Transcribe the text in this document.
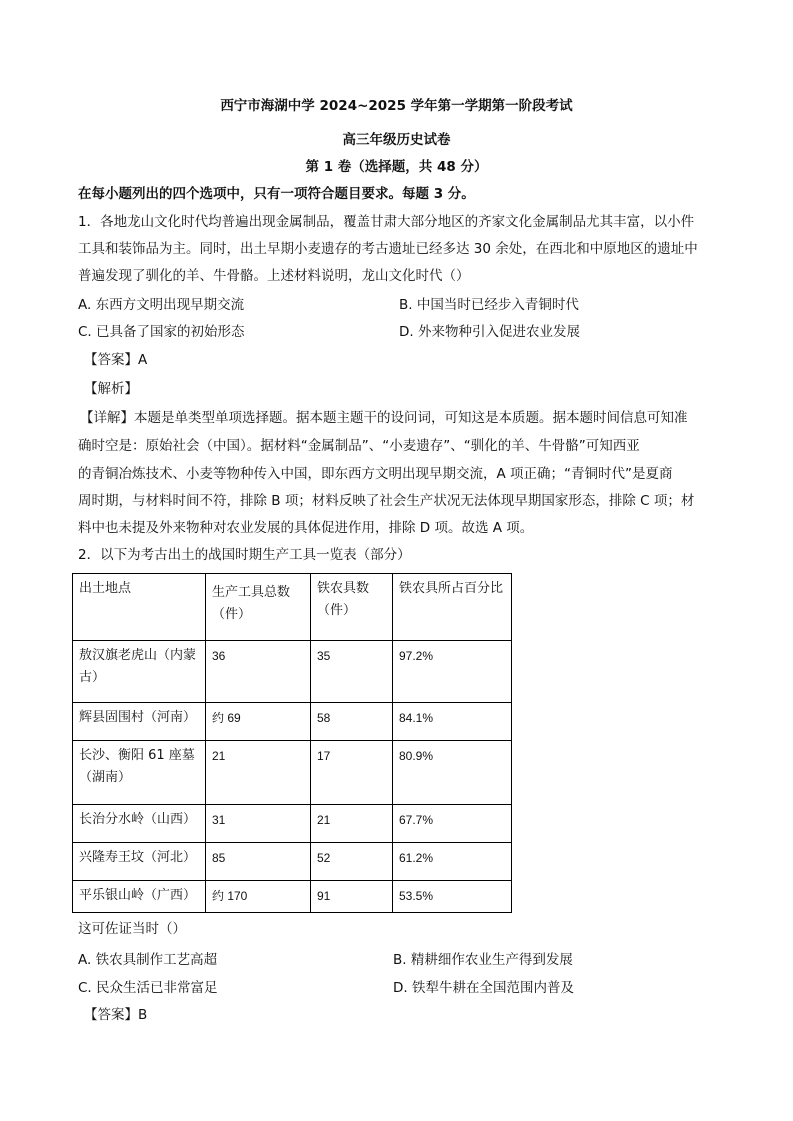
西宁市海湖中学 2024~2025 学年第一学期第一阶段考试
高三年级历史试卷
第 1 卷（选择题，共 48 分）
在每小题列出的四个选项中，只有一项符合题目要求。每题 3 分。
1．各地龙山文化时代均普遍出现金属制品，覆盖甘肃大部分地区的齐家文化金属制品尤其丰富，以小件
工具和装饰品为主。同时，出土早期小麦遗存的考古遗址已经多达 30 余处，在西北和中原地区的遗址中
普遍发现了驯化的羊、牛骨骼。上述材料说明，龙山文化时代（）
A. 东西方文明出现早期交流	B. 中国当时已经步入青铜时代
C. 已具备了国家的初始形态	D. 外来物种引入促进农业发展
【答案】A
【解析】
【详解】本题是单类型单项选择题。据本题主题干的设问词，可知这是本质题。据本题时间信息可知准
确时空是：原始社会（中国）。据材料“金属制品”、“小麦遗存”、“驯化的羊、牛骨骼”可知西亚
的青铜冶炼技术、小麦等物种传入中国，即东西方文明出现早期交流，A 项正确；“青铜时代”是夏商
周时期，与材料时间不符，排除 B 项；材料反映了社会生产状况无法体现早期国家形态，排除 C 项；材
料中也未提及外来物种对农业发展的具体促进作用，排除 D 项。故选 A 项。
2．以下为考古出土的战国时期生产工具一览表（部分）
出土地点	生产工具总数（件）	铁农具数（件）	铁农具所占百分比
敖汉旗老虎山（内蒙古）	36	35	97.2%
辉县固围村（河南）	约 69	58	84.1%
长沙、衡阳 61 座墓（湖南）	21	17	80.9%
长治分水岭（山西）	31	21	67.7%
兴隆寿王坟（河北）	85	52	61.2%
平乐银山岭（广西）	约 170	91	53.5%
这可佐证当时（）
A. 铁农具制作工艺高超	B. 精耕细作农业生产得到发展
C. 民众生活已非常富足	D. 铁犁牛耕在全国范围内普及
【答案】B
